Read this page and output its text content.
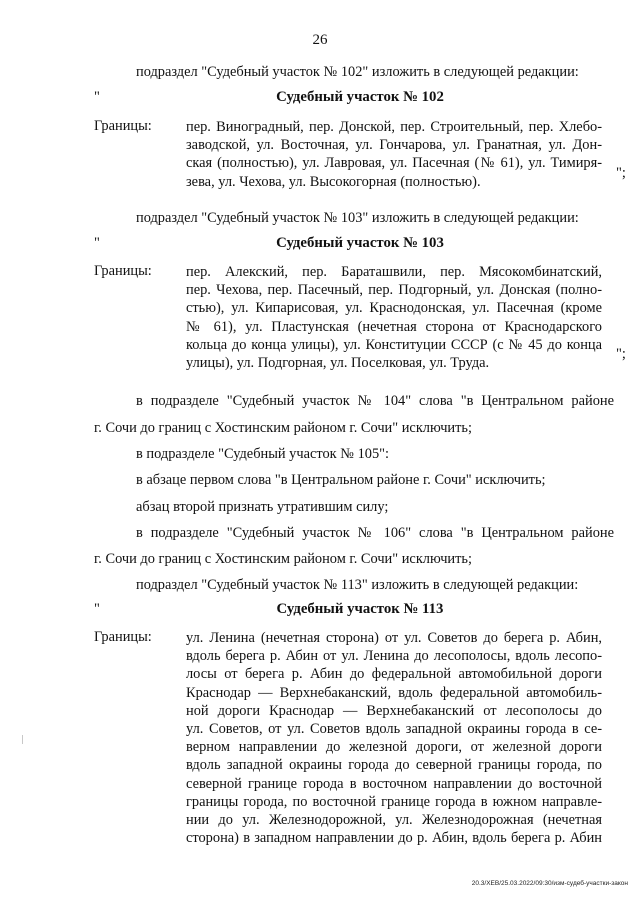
26
подраздел "Судебный участок № 102" изложить в следующей редакции:
"	Судебный участок № 102
Границы: пер. Виноградный, пер. Донской, пер. Строительный, пер. Хлебо-
заводской, ул. Восточная, ул. Гончарова, ул. Гранатная, ул. Дон-
ская (полностью), ул. Лавровая, ул. Пасечная (№ 61), ул. Тимиря-
зева, ул. Чехова, ул. Высокогорная (полностью).
";
подраздел "Судебный участок № 103" изложить в следующей редакции:
"	Судебный участок № 103
Границы: пер. Алекский, пер. Бараташвили, пер. Мясокомбинатский,
пер. Чехова, пер. Пасечный, пер. Подгорный, ул. Донская (полно-
стью), ул. Кипарисовая, ул. Краснодонская, ул. Пасечная (кроме
№ 61), ул. Пластунская (нечетная сторона от Краснодарского
кольца до конца улицы), ул. Конституции СССР (с № 45 до конца
улицы), ул. Подгорная, ул. Поселковая, ул. Труда.
";
в подразделе "Судебный участок № 104" слова "в Центральном районе
г. Сочи до границ с Хостинским районом г. Сочи" исключить;
в подразделе "Судебный участок № 105":
в абзаце первом слова "в Центральном районе г. Сочи" исключить;
абзац второй признать утратившим силу;
в подразделе "Судебный участок № 106" слова "в Центральном районе
г. Сочи до границ с Хостинским районом г. Сочи" исключить;
подраздел "Судебный участок № 113" изложить в следующей редакции:
"	Судебный участок № 113
Границы: ул. Ленина (нечетная сторона) от ул. Советов до берега р. Абин,
вдоль берега р. Абин от ул. Ленина до лесополосы, вдоль лесопо-
лосы от берега р. Абин до федеральной автомобильной дороги
Краснодар — Верхнебаканский, вдоль федеральной автомобиль-
ной дороги Краснодар — Верхнебаканский от лесополосы до
ул. Советов, от ул. Советов вдоль западной окраины города в се-
верном направлении до железной дороги, от железной дороги
вдоль западной окраины города до северной границы города, по
северной границе города в восточном направлении до восточной
границы города, по восточной границе города в южном направле-
нии до ул. Железнодорожной, ул. Железнодорожная (нечетная
сторона) в западном направлении до р. Абин, вдоль берега р. Абин
20.3/ХЕВ/25.03.2022/09:30/изм-судеб-участки-закон
